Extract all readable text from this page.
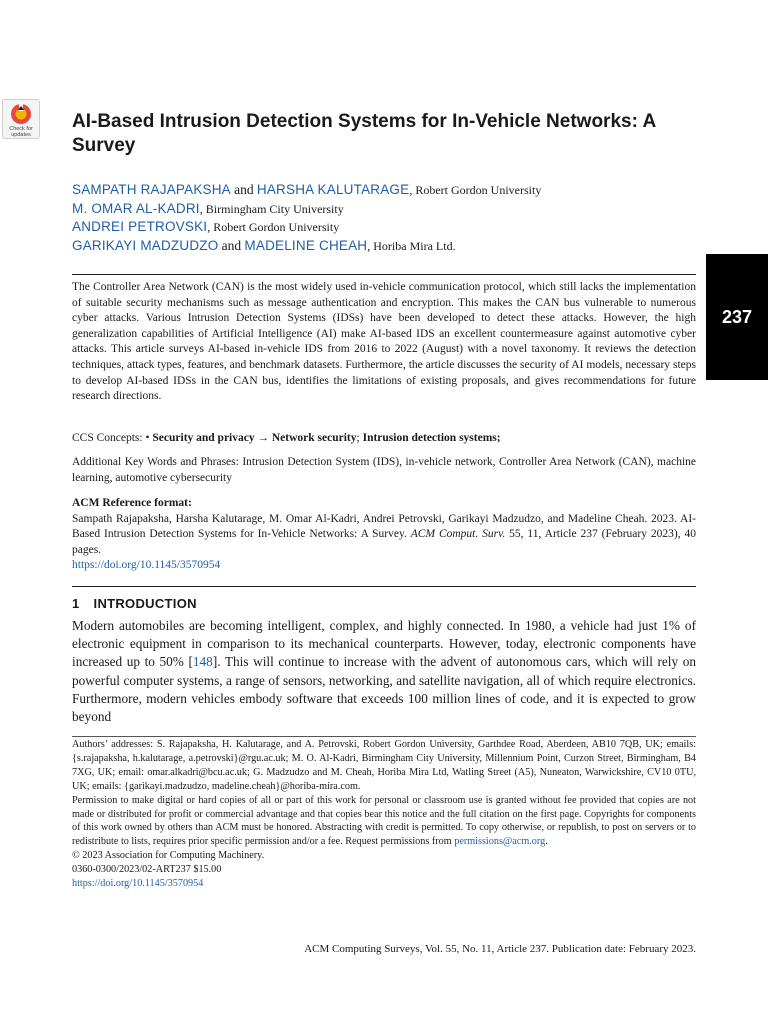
Check for
updates
AI-Based Intrusion Detection Systems for In-Vehicle Networks: A Survey
SAMPATH RAJAPAKSHA and HARSHA KALUTARAGE, Robert Gordon University
M. OMAR AL-KADRI, Birmingham City University
ANDREI PETROVSKI, Robert Gordon University
GARIKAYI MADZUDZO and MADELINE CHEAH, Horiba Mira Ltd.
237

The Controller Area Network (CAN) is the most widely used in-vehicle communication protocol, which still lacks the implementation of suitable security mechanisms such as message authentication and encryption. This makes the CAN bus vulnerable to numerous cyber attacks. Various Intrusion Detection Systems (IDSs) have been developed to detect these attacks. However, the high generalization capabilities of Artificial Intelligence (AI) make AI-based IDS an excellent countermeasure against automotive cyber attacks. This article surveys AI-based in-vehicle IDS from 2016 to 2022 (August) with a novel taxonomy. It reviews the detection techniques, attack types, features, and benchmark datasets. Furthermore, the article discusses the security of AI models, necessary steps to develop AI-based IDSs in the CAN bus, identifies the limitations of existing proposals, and gives recommendations for future research directions.

CCS Concepts: • Security and privacy → Network security; Intrusion detection systems;

Additional Key Words and Phrases: Intrusion Detection System (IDS), in-vehicle network, Controller Area Network (CAN), machine learning, automotive cybersecurity

ACM Reference format:
Sampath Rajapaksha, Harsha Kalutarage, M. Omar Al-Kadri, Andrei Petrovski, Garikayi Madzudzo, and Madeline Cheah. 2023. AI-Based Intrusion Detection Systems for In-Vehicle Networks: A Survey. ACM Comput. Surv. 55, 11, Article 237 (February 2023), 40 pages.
https://doi.org/10.1145/3570954

1 INTRODUCTION

Modern automobiles are becoming intelligent, complex, and highly connected. In 1980, a vehicle had just 1% of electronic equipment in comparison to its mechanical counterparts. However, today, electronic components have increased up to 50% [148]. This will continue to increase with the advent of autonomous cars, which will rely on powerful computer systems, a range of sensors, networking, and satellite navigation, all of which require electronics. Furthermore, modern vehicles embody software that exceeds 100 million lines of code, and it is expected to grow beyond

Authors’ addresses: S. Rajapaksha, H. Kalutarage, and A. Petrovski, Robert Gordon University, Garthdee Road, Aberdeen, AB10 7QB, UK; emails: {s.rajapaksha, h.kalutarage, a.petrovski}@rgu.ac.uk; M. O. Al-Kadri, Birmingham City University, Millennium Point, Curzon Street, Birmingham, B4 7XG, UK; email: omar.alkadri@bcu.ac.uk; G. Madzudzo and M. Cheah, Horiba Mira Ltd, Watling Street (A5), Nuneaton, Warwickshire, CV10 0TU, UK; emails: {garikayi.madzudzo, madeline.cheah}@horiba-mira.com.

Permission to make digital or hard copies of all or part of this work for personal or classroom use is granted without fee provided that copies are not made or distributed for profit or commercial advantage and that copies bear this notice and the full citation on the first page. Copyrights for components of this work owned by others than ACM must be honored. Abstracting with credit is permitted. To copy otherwise, or republish, to post on servers or to redistribute to lists, requires prior specific permission and/or a fee. Request permissions from permissions@acm.org.

© 2023 Association for Computing Machinery.

0360-0300/2023/02-ART237 $15.00

https://doi.org/10.1145/3570954

ACM Computing Surveys, Vol. 55, No. 11, Article 237. Publication date: February 2023.
